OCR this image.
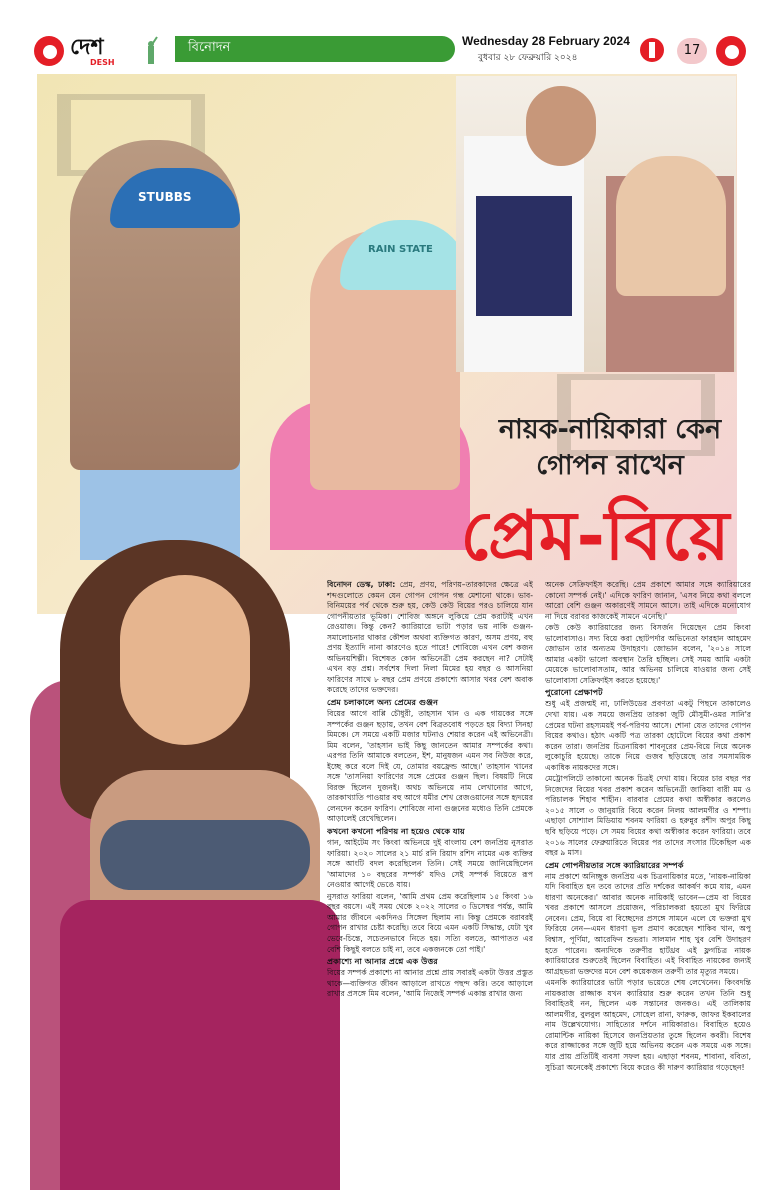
দেশ
DESH
বিনোদন	Wednesday 28 February 2024
বুধবার ২৮ ফেব্রুয়ারি ২০২৪	17
STUBBS
RAIN STATE
নায়ক-নায়িকারা কেন
গোপন রাখেন
প্রেম-বিয়ে

বিনোদন ডেস্ক, ঢাকা: প্রেম, প্রণয়, পরিণয়–তারকাদের ক্ষেত্রে এই শব্দগুলোতে কেমন যেন গোপন গোপন গন্ধ মেশানো থাকে। ভাব-বিনিময়ের পর্ব থেকে শুরু হয়, কেউ কেউ বিয়ের পরও চালিয়ে যান গোপনীয়তার ভূমিকা। শোবিজ অঙ্গনে লুকিয়ে প্রেম করাটাই এখন রেওয়াজ। কিন্তু কেন? ক্যারিয়ারে ভাটা পড়ার ভয় নাকি গুঞ্জন-সমালোচনার থাকার কৌশল অথবা ব্যক্তিগত কারণ, অসম প্রণয়, বহু প্রণয় ইত্যাদি নানা কারণেও হতে পারে! শোবিজে এখন বেশ কজন অভিনয়শিল্পী। বিশেষত কোন অভিনেত্রী প্রেম করছেন না? সেটাই এখন বড় প্রশ্ন। সর্বশেষ দিলা নিলা মিমের হয় বছর ও আসনিয়া ফারিণের সাথে ৮ বছর প্রেম প্রণয়ে প্রকাশ্যে আসার খবর বেশ অবাক করেছে তাদের ভক্তদের।

প্রেম চলাকালে অন্য প্রেমের গুঞ্জন

বিয়ের আগে বাপ্পি চৌধুরী, তাহসান খান ও এক গায়কের সঙ্গে সম্পর্কের গুঞ্জন ছড়ায়, তখন বেশ বিব্রতবোধ পড়তে হয় বিদ্যা সিনহা মিমকে। সে সময়ে একটি মজার ঘটনাও শেয়ার করেন এই অভিনেত্রী। মিম বলেন, 'তাহসান ভাই কিছু জানতেন আমার সম্পর্কের কথা। এরপর তিনি আমাকে বলতেন, ইশ, মানুষজন এমন সব নিউজ করে, ইচ্ছে করে বলে দিই যে, তোমার বয়ফ্রেন্ড আছে।' তাহসান খানের সঙ্গে 'তাসনিয়া ফারিণের সঙ্গে প্রেমের গুঞ্জন ছিল। বিষয়টি নিয়ে বিরক্ত ছিলেন দুজনই। অথচ অভিনয়ে নাম লেখানোর আগে, তারকাখ্যাতি পাওয়ার বহু আগে যমীর শেখ রেজওয়ানের সঙ্গে হৃদয়ের লেনদেন করেন ফারিণ। শোবিজে নানা গুঞ্জনের মধ্যেও তিনি প্রেমকে আড়ালেই রেখেছিলেন।

কখনো কখনো পরিণয় না হয়েও থেকে যায়

গান, আইটেম সং কিংবা অভিনয়ে দুই বাংলায় বেশ জনপ্রিয় নুসরাত ফারিয়া। ২০২০ সালের ২১ মার্চ রনি রিয়াদ রশিদ নামের এক ব্যক্তির সঙ্গে আংটি বদল করেছিলেন তিনি। সেই সময়ে জানিয়েছিলেন 'আমাদের ১০ বছরের সম্পর্ক' যদিও সেই সম্পর্ক বিয়েতে রূপ নেওয়ার আগেই ভেঙে যায়।

নুসরাত ফারিয়া বলেন, 'আমি প্রথম প্রেম করেছিলাম ১৫ কিংবা ১৬ বছর বয়সে। এই সময় থেকে ২০২২ সালের ৩ ডিসেম্বর পর্যন্ত, আমি আমার জীবনে একদিনও সিঙ্গেল ছিলাম না। কিন্তু প্রেমকে বরাবরই গোপন রাখার চেষ্টা করেছি। তবে বিয়ে এমন একটি সিদ্ধান্ত, যেটা খুব ভেবে-চিন্তে, সচেতনভাবে নিতে হয়। সত্যি বলতে, আপাতত এর বেশি কিছুই বলতে চাই না, তবে একজনকে তো পাই।'

প্রকাশ্যে না আনার প্রশ্নে এক উত্তর

বিয়ের সম্পর্ক প্রকাশ্যে না আনার প্রশ্নে প্রায় সবারই একটা উত্তর প্রস্তুত থাকে—ব্যক্তিগত জীবন আড়ালে রাখতে পছন্দ করি। তবে আড়ালে রাখার প্রসঙ্গে মিম বলেন, 'আমি নিজেই সম্পর্ক একান্ত রাখার জন্য

অনেক সেক্রিফাইস করেছি। প্রেম প্রকাশে আমার সঙ্গে ক্যারিয়ারের কোনো সম্পর্ক নেই।' এদিকে ফারিণ জানান, 'এসব নিয়ে কথা বললে আরো বেশি গুঞ্জন অকারণেই সামনে আসে। তাই এদিকে মনোযোগ না দিয়ে বরাবর কাজকেই সামনে এনেছি।'

কেউ কেউ ক্যারিয়ারের জন্য বিসর্জন দিয়েছেন প্রেম কিংবা ভালোবাসাও। সদ্য বিয়ে করা ছোটপর্দার অভিনেতা ফারহান আহমেদ জোভান তার অন্যতম উদাহরণ। জোভান বলেন, '২০১৪ সালে আমার একটা ভালো অবস্থান তৈরি হচ্ছিল। সেই সময় আমি একটা মেয়েকে ভালোবাসতাম, আর অভিনয় চালিয়ে যাওয়ার জন্য সেই ভালোবাসা সেক্রিফাইস করতে হয়েছে।'

পুরোনো প্রেক্ষাপট

শুধু এই প্রজন্মই না, ঢালিউডের প্রবণতা একটু পিছনে তাকালেও দেখা যায়। এক সময়ে জনপ্রিয় তারকা জুটি মৌসুমী-ওমর সানি'র প্রেমের ঘটনা রহস্যময়ই পর্ব-পরিণয় আসে। শোনা যেত তাদের গোপন বিয়ের কথাও। হঠাৎ একটি পত্র তারকা হোটেলে বিয়ের কথা প্রকাশ করেন তারা। জনপ্রিয় চিত্রনায়িকা শাবনূরের প্রেম-বিয়ে নিয়ে অনেক লুকোচুরি হয়েছে। তাকে নিয়ে গুজব ছড়িয়েছে তার সমসাময়িক একাধিক নায়কদের সঙ্গে।

মেট্রোপলিটে তাকানো অনেক চিত্রই দেখা যায়। বিয়ের চার বছর পর নিজেদের বিয়ের খবর প্রকাশ করেন অভিনেত্রী জাকিয়া বারী মম ও পরিচালক শিহাব শাহীন। বারবার প্রেমের কথা অস্বীকার করলেও ২০১৫ সালে ৩ জানুয়ারি বিয়ে করেন নিলয় আলমগীর ও শম্পা। এছাড়া সোশ্যাল মিডিয়ায় শবনম ফারিয়া ও হরুন্নুর রশীদ অপুর কিছু ছবি ছড়িয়ে পড়ে। সে সময় বিয়ের কথা অস্বীকার করেন ফারিয়া। তবে ২০১৬ সালের ফেব্রুয়ারিতে বিয়ের পর তাদের সংসার টিকেছিল এক বছর ৯ মাস।

প্রেম গোপনীয়তার সঙ্গে ক্যারিয়ারের সম্পর্ক

নাম প্রকাশে অনিচ্ছুক জনপ্রিয় এক চিত্রনায়িকার মতে, 'নায়ক-নায়িকা যদি বিবাহিত হন তবে তাদের প্রতি দর্শকের আকর্ষণ কমে যায়, এমন ধারণা অনেকের।' আবার অনেক নায়িকাই ভাবেন—প্রেম বা বিয়ের খবর প্রকাশে আসলে প্রয়োজন, পরিচালকরা হয়তো মুখ ফিরিয়ে নেবেন। প্রেম, বিয়ে বা বিচ্ছেদের প্রসঙ্গে সামনে এলে যে ভক্তরা মুখ ফিরিয়ে নেন—এমন ধারণা ভুল প্রমাণ করেছেন শাকিব খান, অপু বিশ্বাস, পূর্ণিমা, আরেফিন শুভরা। সালমান শাহ খুব বেশি উদাহরণ হতে পারেন। অন্যদিকে তরুণীর হার্টথ্রব এই ফ্লগচিত্র নায়ক ক্যারিয়ারের শুরুতেই ছিলেন বিবাহিত। এই বিবাহিত নায়কের জন্যই আগ্রহভরা ভক্তদের মনে বেশ কয়েকজন তরুণী তার মৃত্যুর সময়ে।

এমনকি ক্যারিয়ারের ভাটা পড়ার ভয়েতে শেষ লেখেনেন। কিংবদন্তি নায়করাজ রাজ্জাক যখন ক্যারিয়ার শুরু করেন তখন তিনি শুধু বিবাহিতই নন, ছিলেন এক সন্তানের জনকও। এই তালিকায় আলমগীর, বুলবুল আহমেদ, সোহেল রানা, ফারুক, জাফর ইকবালের নাম উল্লেখযোগ্য। সাহিত্যের দর্শনে নায়িকারাও। বিবাহিত হয়েও রোমান্টিক নায়িকা হিসেবে জনপ্রিয়তার তুঙ্গে ছিলেন কবরী। বিশেষ করে রাজ্জাকের সঙ্গে জুটি হয়ে অভিনয় করেন এক সময়ে এক সঙ্গে। যার প্রায় প্রতিটিই ব্যবসা সফল হয়। এছাড়া শবনম, শাবানা, ববিতা, সুচিত্রা অনেকেই প্রকাশ্যে বিয়ে করেও কী দারুণ ক্যারিয়ার গড়েছেন!
